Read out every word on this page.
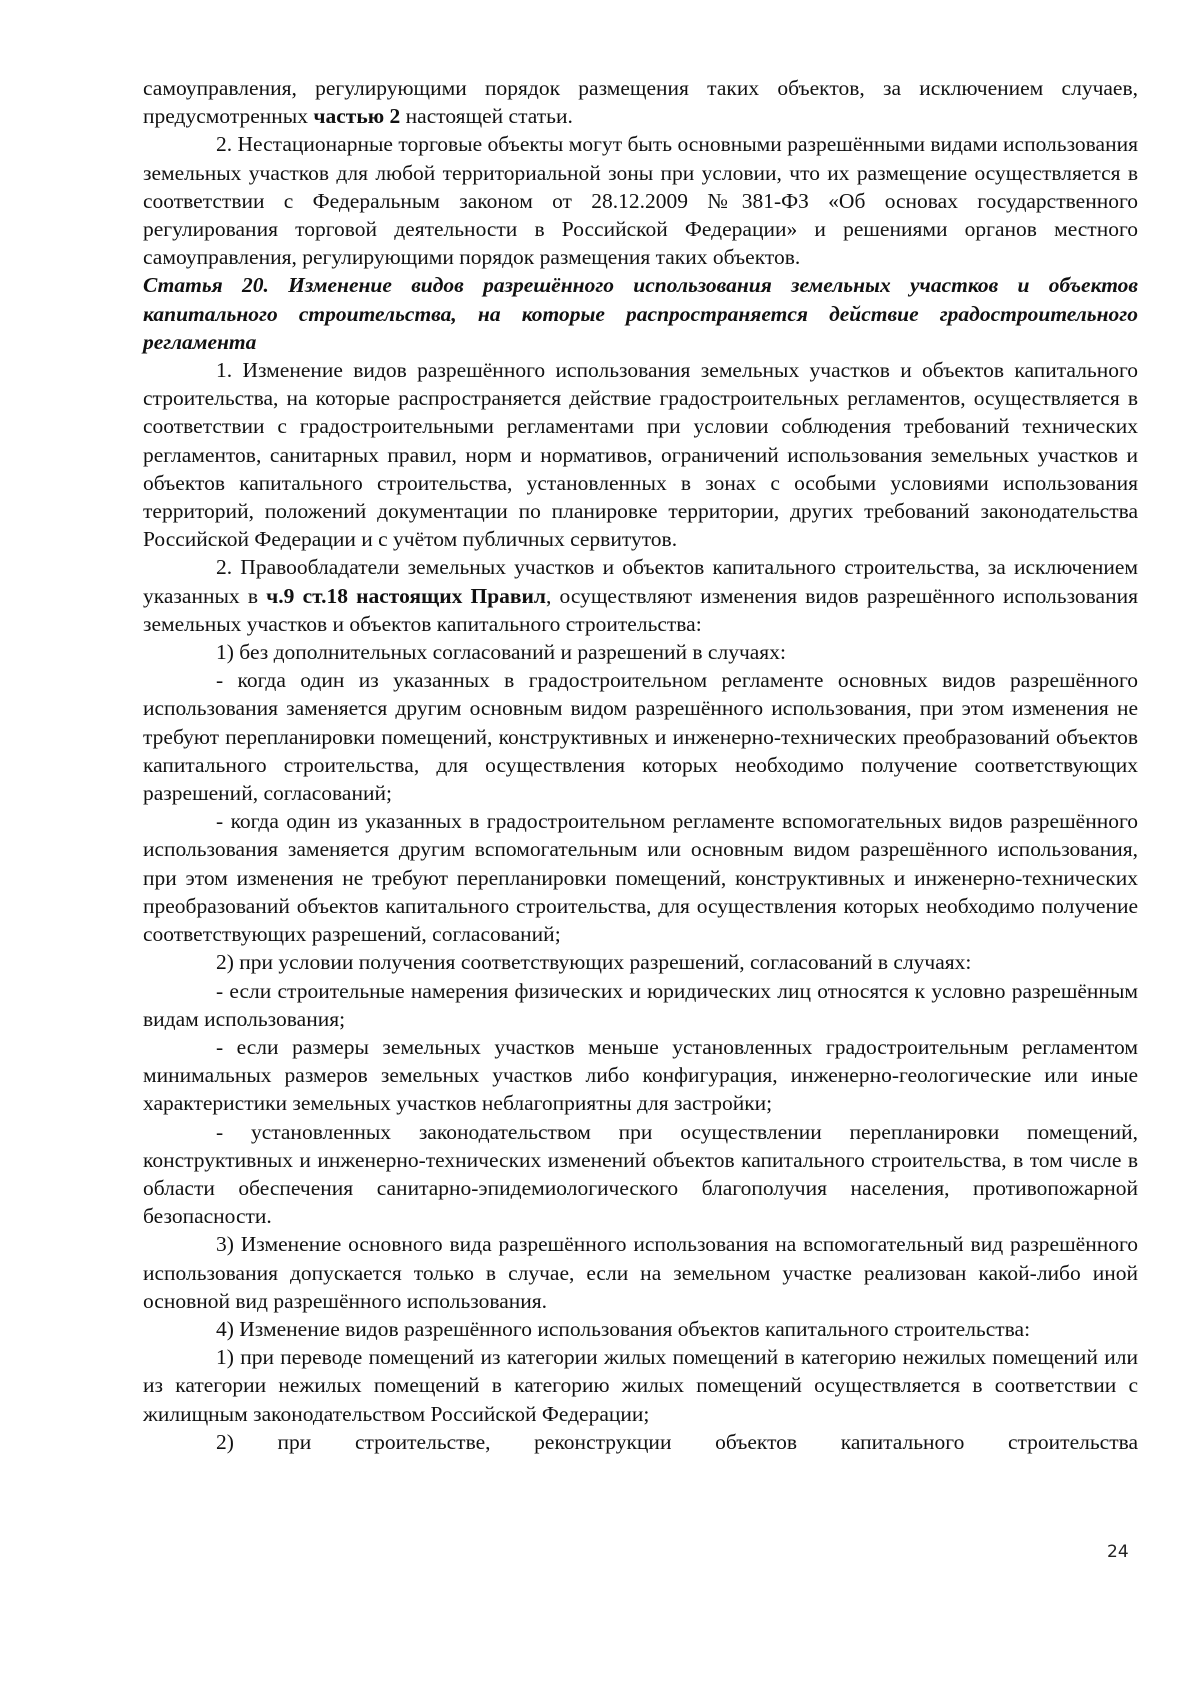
самоуправления, регулирующими порядок размещения таких объектов, за исключением случаев, предусмотренных частью 2 настоящей статьи.

2. Нестационарные торговые объекты могут быть основными разрешёнными видами использования земельных участков для любой территориальной зоны при условии, что их размещение осуществляется в соответствии с Федеральным законом от 28.12.2009 №381-ФЗ «Об основах государственного регулирования торговой деятельности в Российской Федерации» и решениями органов местного самоуправления, регулирующими порядок размещения таких объектов.

Статья 20. Изменение видов разрешённого использования земельных участков и объектов капитального строительства, на которые распространяется действие градостроительного регламента

1. Изменение видов разрешённого использования земельных участков и объектов капитального строительства, на которые распространяется действие градостроительных регламентов, осуществляется в соответствии с градостроительными регламентами при условии соблюдения требований технических регламентов, санитарных правил, норм и нормативов, ограничений использования земельных участков и объектов капитального строительства, установленных в зонах с особыми условиями использования территорий, положений документации по планировке территории, других требований законодательства Российской Федерации и с учётом публичных сервитутов.

2. Правообладатели земельных участков и объектов капитального строительства, за исключением указанных в ч.9 ст.18 настоящих Правил, осуществляют изменения видов разрешённого использования земельных участков и объектов капитального строительства:

1) без дополнительных согласований и разрешений в случаях:

- когда один из указанных в градостроительном регламенте основных видов разрешённого использования заменяется другим основным видом разрешённого использования, при этом изменения не требуют перепланировки помещений, конструктивных и инженерно-технических преобразований объектов капитального строительства, для осуществления которых необходимо получение соответствующих разрешений, согласований;

- когда один из указанных в градостроительном регламенте вспомогательных видов разрешённого использования заменяется другим вспомогательным или основным видом разрешённого использования, при этом изменения не требуют перепланировки помещений, конструктивных и инженерно-технических преобразований объектов капитального строительства, для осуществления которых необходимо получение соответствующих разрешений, согласований;

2) при условии получения соответствующих разрешений, согласований в случаях:

- если строительные намерения физических и юридических лиц относятся к условно разрешённым видам использования;

- если размеры земельных участков меньше установленных градостроительным регламентом минимальных размеров земельных участков либо конфигурация, инженерно-геологические или иные характеристики земельных участков неблагоприятны для застройки;

- установленных законодательством при осуществлении перепланировки помещений, конструктивных и инженерно-технических изменений объектов капитального строительства, в том числе в области обеспечения санитарно-эпидемиологического благополучия населения, противопожарной безопасности.

3) Изменение основного вида разрешённого использования на вспомогательный вид разрешённого использования допускается только в случае, если на земельном участке реализован какой-либо иной основной вид разрешённого использования.

4) Изменение видов разрешённого использования объектов капитального строительства:

1) при переводе помещений из категории жилых помещений в категорию нежилых помещений или из категории нежилых помещений в категорию жилых помещений осуществляется в соответствии с жилищным законодательством Российской Федерации;

2) при строительстве, реконструкции объектов капитального строительства

24
